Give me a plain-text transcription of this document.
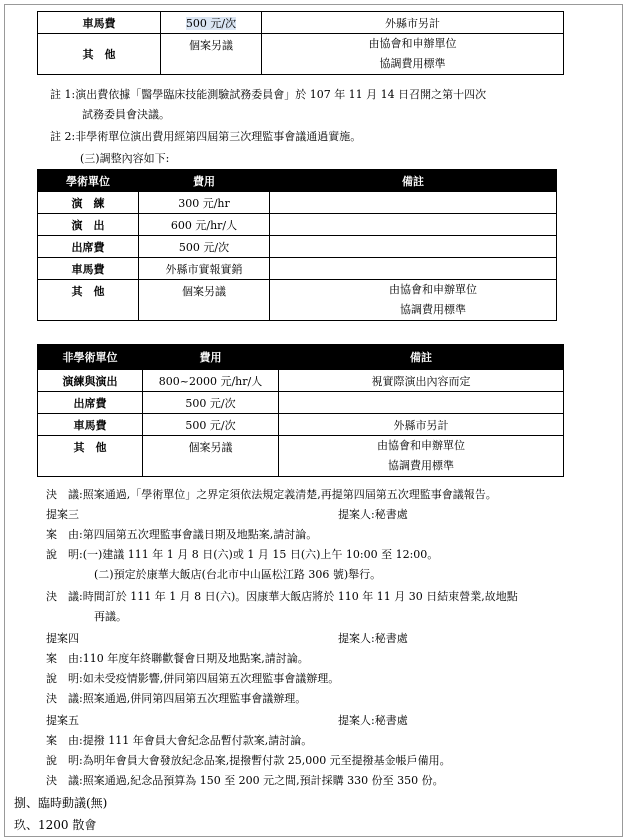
車馬費	500 元/次	外縣市另計
其　他	個案另議	由協會和申辦單位
協調費用標準
註 1:演出費依據「醫學臨床技能測驗試務委員會」於 107 年 11 月 14 日召開之第十四次
試務委員會決議。
註 2:非學術單位演出費用經第四屆第三次理監事會議通過實施。
(三)調整內容如下:
學術單位	費用	備註
演　練	300 元/hr	
演　出	600 元/hr/人	
出席費	500 元/次	
車馬費	外縣市實報實銷	
其　他	個案另議	由協會和申辦單位
協調費用標準
非學術單位	費用	備註
演練與演出	800~2000 元/hr/人	視實際演出內容而定
出席費	500 元/次	
車馬費	500 元/次	外縣市另計
其　他	個案另議	由協會和申辦單位
協調費用標準
決　議:照案通過,「學術單位」之界定須依法規定義清楚,再提第四屆第五次理監事會議報告。
提案三	提案人:秘書處
案　由:第四屆第五次理監事會議日期及地點案,請討論。
說　明:(一)建議 111 年 1 月 8 日(六)或 1 月 15 日(六)上午 10:00 至 12:00。
(二)預定於康華大飯店(台北市中山區松江路 306 號)舉行。
決　議:時間訂於 111 年 1 月 8 日(六)。因康華大飯店將於 110 年 11 月 30 日結束營業,故地點
再議。
提案四	提案人:秘書處
案　由:110 年度年終聯歡餐會日期及地點案,請討論。
說　明:如未受疫情影響,併同第四屆第五次理監事會議辦理。
決　議:照案通過,併同第四屆第五次理監事會議辦理。
提案五	提案人:秘書處
案　由:提撥 111 年會員大會紀念品暫付款案,請討論。
說　明:為明年會員大會發放紀念品案,提撥暫付款 25,000 元至提撥基金帳戶備用。
決　議:照案通過,紀念品預算為 150 至 200 元之間,預計採購 330 份至 350 份。
捌、臨時動議(無)
玖、1200 散會
